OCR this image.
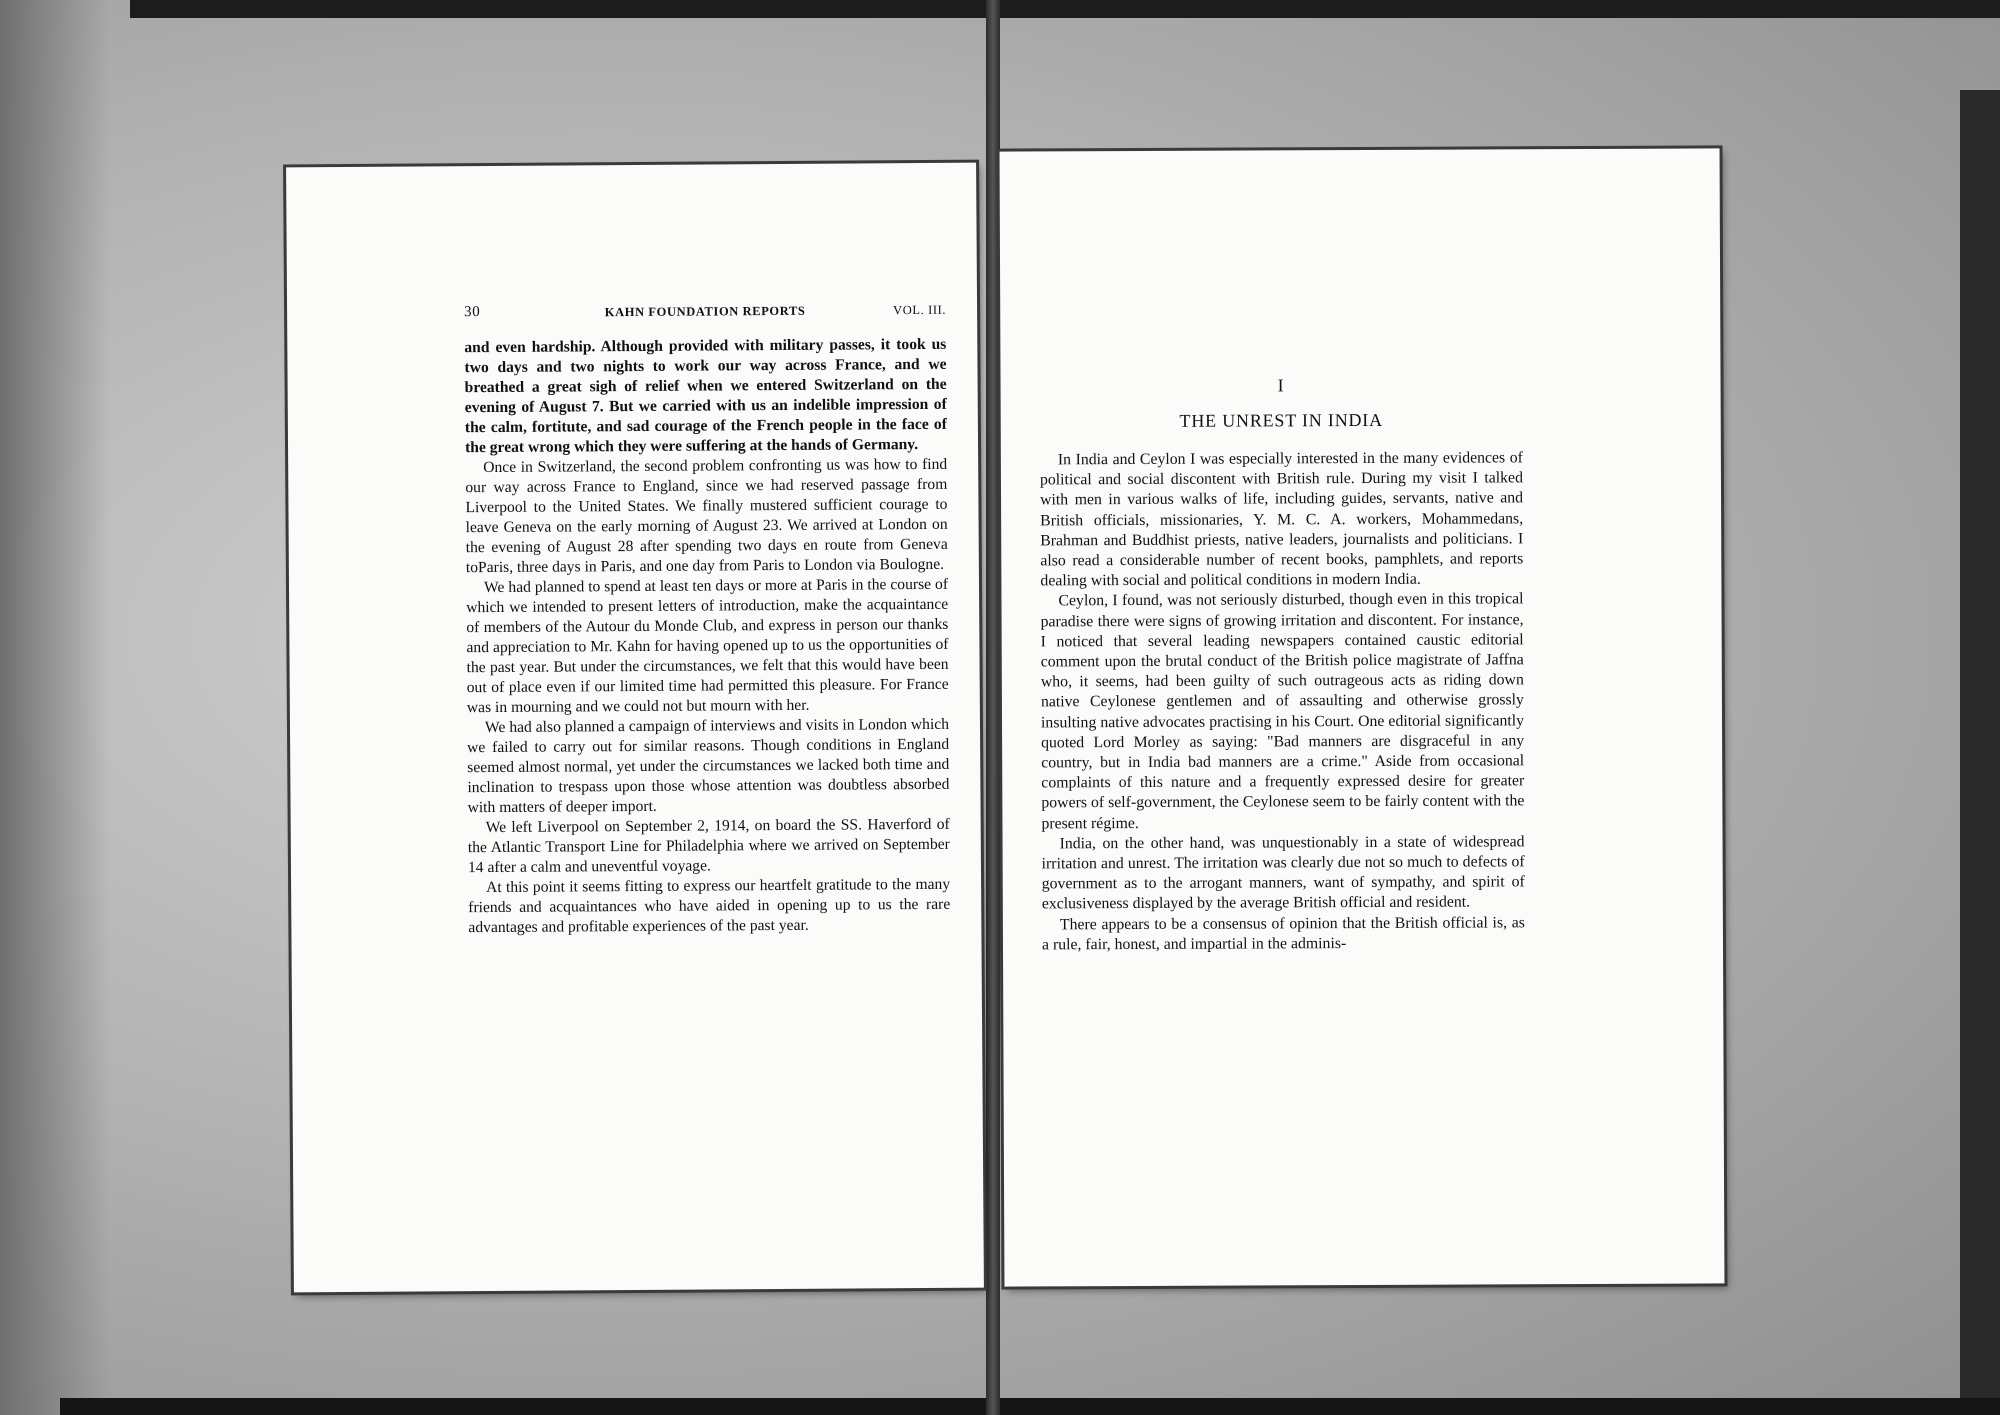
30	KAHN FOUNDATION REPORTS	VOL. III.

and even hardship. Although provided with military passes, it took us two days and two nights to work our way across France, and we breathed a great sigh of relief when we entered Switzerland on the evening of August 7. But we carried with us an indelible impression of the calm, fortitute, and sad courage of the French people in the face of the great wrong which they were suffering at the hands of Germany.

Once in Switzerland, the second problem confronting us was how to find our way across France to England, since we had reserved passage from Liverpool to the United States. We finally mustered sufficient courage to leave Geneva on the early morning of August 23. We arrived at London on the evening of August 28 after spending two days en route from Geneva toParis, three days in Paris, and one day from Paris to London via Boulogne.

We had planned to spend at least ten days or more at Paris in the course of which we intended to present letters of introduction, make the acquaintance of members of the Autour du Monde Club, and express in person our thanks and appreciation to Mr. Kahn for having opened up to us the opportunities of the past year. But under the circumstances, we felt that this would have been out of place even if our limited time had permitted this pleasure. For France was in mourning and we could not but mourn with her.

We had also planned a campaign of interviews and visits in London which we failed to carry out for similar reasons. Though conditions in England seemed almost normal, yet under the circumstances we lacked both time and inclination to trespass upon those whose attention was doubtless absorbed with matters of deeper import.

We left Liverpool on September 2, 1914, on board the SS. Haverford of the Atlantic Transport Line for Philadelphia where we arrived on September 14 after a calm and uneventful voyage.

At this point it seems fitting to express our heartfelt gratitude to the many friends and acquaintances who have aided in opening up to us the rare advantages and profitable experiences of the past year.

I
THE UNREST IN INDIA

In India and Ceylon I was especially interested in the many evidences of political and social discontent with British rule. During my visit I talked with men in various walks of life, including guides, servants, native and British officials, missionaries, Y. M. C. A. workers, Mohammedans, Brahman and Buddhist priests, native leaders, journalists and politicians. I also read a considerable number of recent books, pamphlets, and reports dealing with social and political conditions in modern India.

Ceylon, I found, was not seriously disturbed, though even in this tropical paradise there were signs of growing irritation and discontent. For instance, I noticed that several leading newspapers contained caustic editorial comment upon the brutal conduct of the British police magistrate of Jaffna who, it seems, had been guilty of such outrageous acts as riding down native Ceylonese gentlemen and of assaulting and otherwise grossly insulting native advocates practising in his Court. One editorial significantly quoted Lord Morley as saying: "Bad manners are disgraceful in any country, but in India bad manners are a crime." Aside from occasional complaints of this nature and a frequently expressed desire for greater powers of self-government, the Ceylonese seem to be fairly content with the present régime.

India, on the other hand, was unquestionably in a state of widespread irritation and unrest. The irritation was clearly due not so much to defects of government as to the arrogant manners, want of sympathy, and spirit of exclusiveness displayed by the average British official and resident.

There appears to be a consensus of opinion that the British official is, as a rule, fair, honest, and impartial in the adminis-
